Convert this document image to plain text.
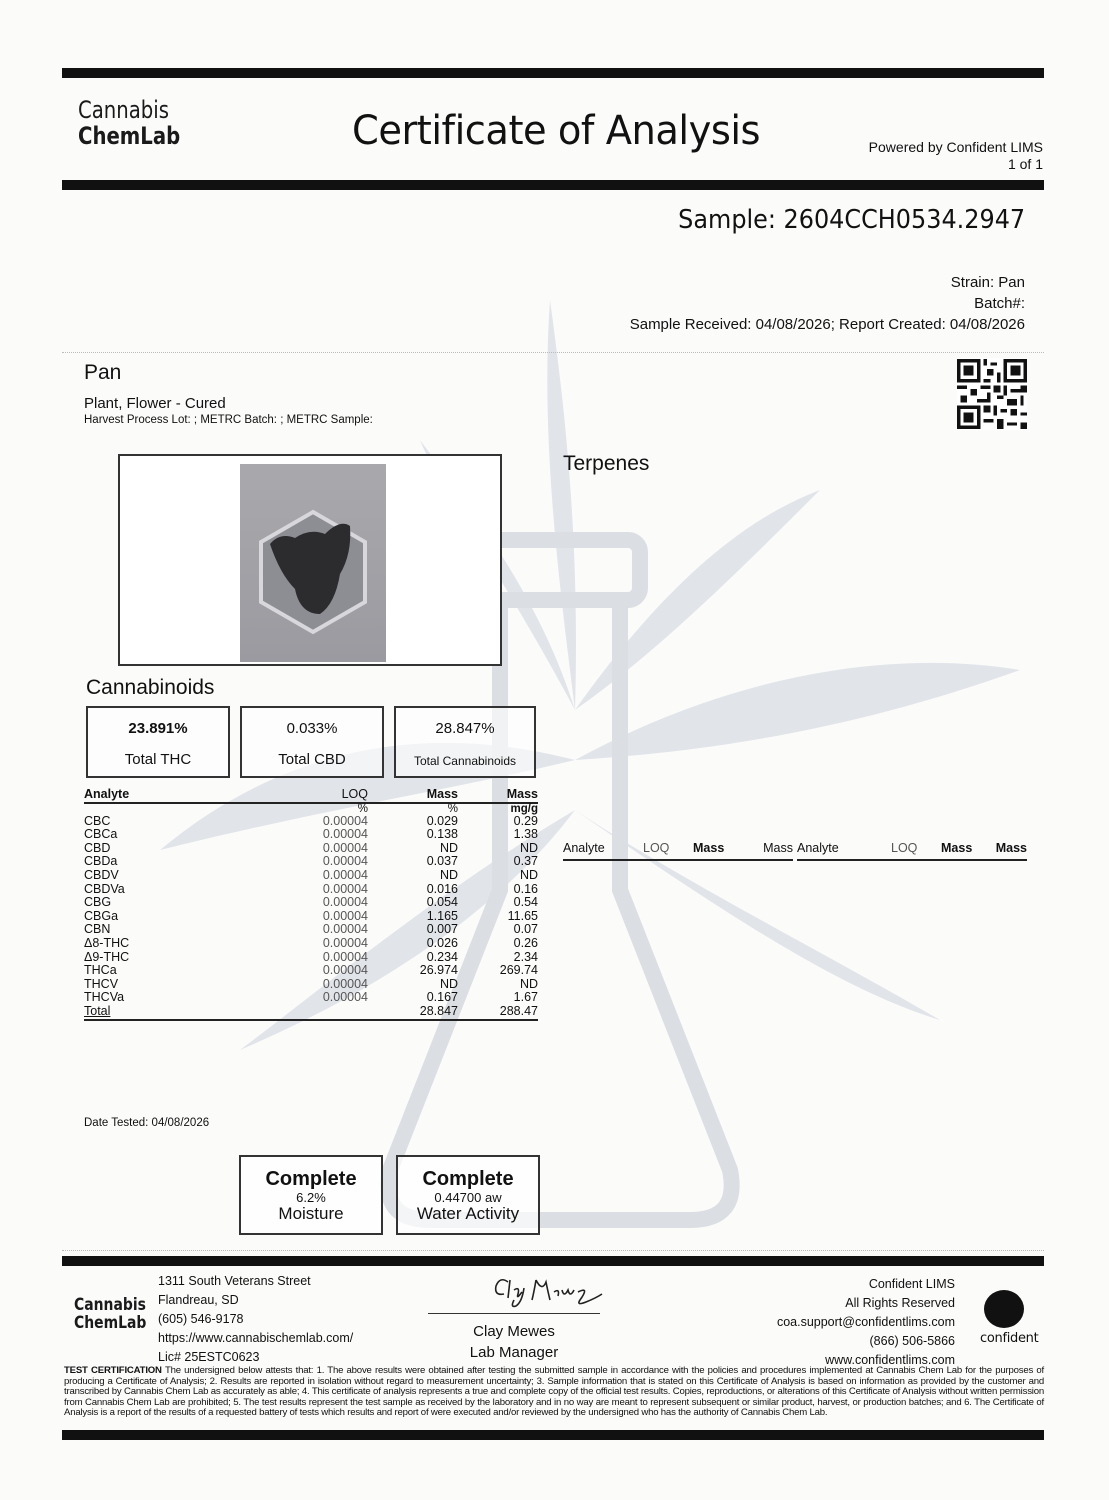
Cannabis
ChemLab	Certificate of Analysis	Powered by Confident LIMS
1 of 1
Sample: 2604CCH0534.2947
Strain: Pan
Batch#:
Sample Received: 04/08/2026; Report Created: 04/08/2026
Pan
Plant, Flower - Cured
Harvest Process Lot: ; METRC Batch: ; METRC Sample:
Terpenes
Cannabinoids
23.891%
Total THC
0.033%
Total CBD
28.847%
Total Cannabinoids
Analyte	LOQ	Mass	Mass
	%	%	mg/g
CBC	0.00004	0.029	0.29
CBCa	0.00004	0.138	1.38
CBD	0.00004	ND	ND
CBDa	0.00004	0.037	0.37
CBDV	0.00004	ND	ND
CBDVa	0.00004	0.016	0.16
CBG	0.00004	0.054	0.54
CBGa	0.00004	1.165	11.65
CBN	0.00004	0.007	0.07
Δ8-THC	0.00004	0.026	0.26
Δ9-THC	0.00004	0.234	2.34
THCa	0.00004	26.974	269.74
THCV	0.00004	ND	ND
THCVa	0.00004	0.167	1.67
Total		28.847	288.47
Analyte	LOQ	Mass	Mass Analyte	LOQ	Mass	Mass
Date Tested: 04/08/2026
Complete
6.2%
Moisture
Complete
0.44700 aw
Water Activity
Cannabis
ChemLab
1311 South Veterans Street
Flandreau, SD
(605) 546-9178
https://www.cannabischemlab.com/
Lic# 25ESTC0623
Clay Mewes
Lab Manager
Confident LIMS
All Rights Reserved
coa.support@confidentlims.com
(866) 506-5866
www.confidentlims.com
confident
TEST CERTIFICATION The undersigned below attests that: 1. The above results were obtained after testing the submitted sample in accordance with the policies and procedures implemented at Cannabis Chem Lab for the purposes of producing a Certificate of Analysis; 2. Results are reported in isolation without regard to measurement uncertainty; 3. Sample information that is stated on this Certificate of Analysis is based on information as provided by the customer and transcribed by Cannabis Chem Lab as accurately as able; 4. This certificate of analysis represents a true and complete copy of the official test results. Copies, reproductions, or alterations of this Certificate of Analysis without written permission from Cannabis Chem Lab are prohibited; 5. The test results represent the test sample as received by the laboratory and in no way are meant to represent subsequent or similar product, harvest, or production batches; and 6. The Certificate of Analysis is a report of the results of a requested battery of tests which results and report of were executed and/or reviewed by the undersigned who has the authority of Cannabis Chem Lab.
